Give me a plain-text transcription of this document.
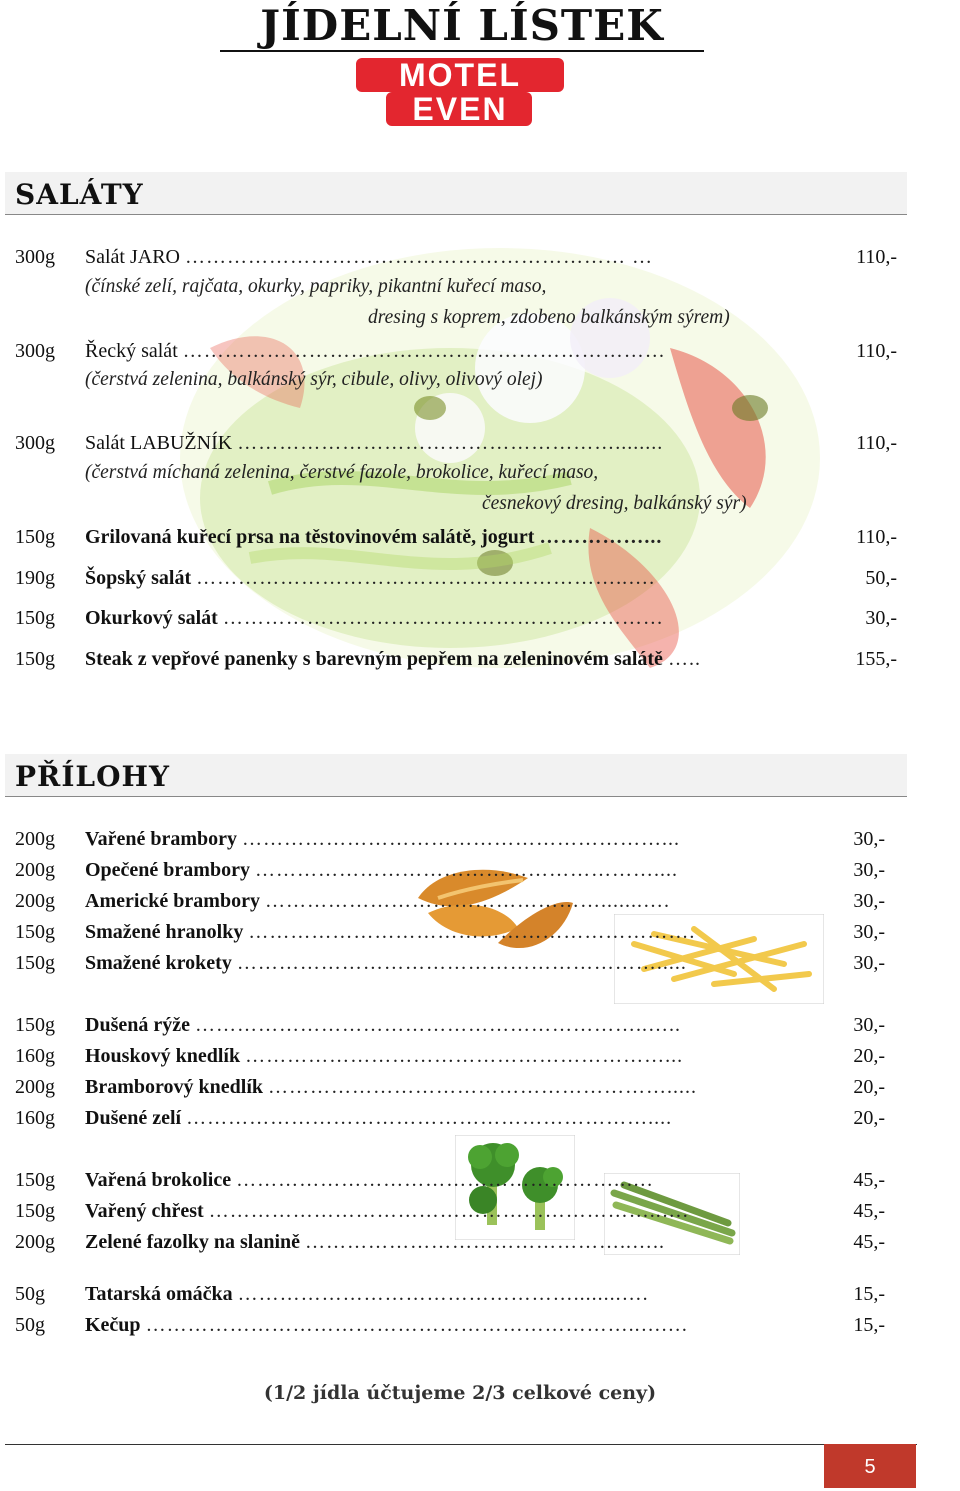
JÍDELNÍ LÍSTEK
MOTEL
EVEN
SALÁTY
300g Salát JARO ……………………………………………………… …	110,-
(čínské zelí, rajčata, okurky, papriky, pikantní kuřecí maso,
dresing s koprem, zdobeno balkánským sýrem)
300g Řecký salát ……………………………………………………………	110,-
(čerstvá zelenina, balkánský sýr, cibule, olivy, olivový olej)
300g Salát LABUŽNÍK ………………………………………………........	110,-
(čerstvá míchaná zelenina, čerstvé fazole, brokolice, kuřecí maso,
česnekový dresing, balkánský sýr)
150g Grilovaná kuřecí prsa na těstovinovém salátě, jogurt ……………...	110,-
190g Šopský salát ……………………………………………………..….	50,-
150g Okurkový salát ………………………………………………………	30,-
150g Steak z vepřové panenky s barevným pepřem na zeleninovém salátě …..	155,-
PŘÍLOHY
200g Vařené brambory ……………………………………………………...	30,-
200g Opečené brambory …………………………………………………....	30,-
200g Americké brambory ………………………………………….......….	30,-
150g Smažené hranolky ……………………………………………………….	30,-
150g Smažené krokety …………………………………………………….....	30,-
150g Dušená rýže ………………………………………………………..…..	30,-
160g Houskový knedlík ……………………………………………………...	20,-
200g Bramborový knedlík ………………………………………………….....	20,-
160g Dušené zelí …………………………………………………………....	20,-
150g Vařená brokolice ………………………………………………..….	45,-
150g Vařený chřest ………………………………………………………..….	45,-
200g Zelené fazolky na slanině ………………………………………..…..	45,-
50g Tatarská omáčka …………………………………………........….	15,-
50g Kečup ……………………………………………………………..….…	15,-
(1/2 jídla účtujeme 2/3 celkové ceny)
5
